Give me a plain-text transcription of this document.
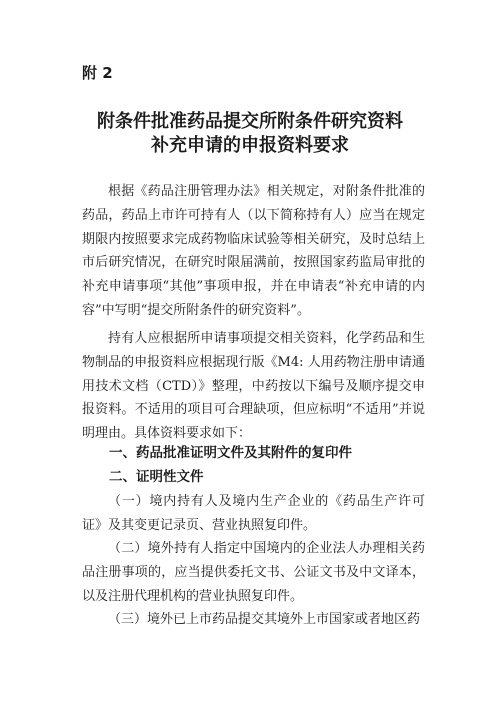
附 2
附条件批准药品提交所附条件研究资料
补充申请的申报资料要求

根据《药品注册管理办法》相关规定，对附条件批准的药品，药品上市许可持有人（以下简称持有人）应当在规定期限内按照要求完成药物临床试验等相关研究，及时总结上市后研究情况，在研究时限届满前，按照国家药监局审批的补充申请事项“其他”事项申报，并在申请表“补充申请的内容”中写明“提交所附条件的研究资料”。

持有人应根据所申请事项提交相关资料，化学药品和生物制品的申报资料应根据现行版《M4: 人用药物注册申请通用技术文档（CTD）》整理，中药按以下编号及顺序提交申报资料。不适用的项目可合理缺项，但应标明“不适用”并说明理由。具体资料要求如下：

一、药品批准证明文件及其附件的复印件

二、证明性文件

（一）境内持有人及境内生产企业的《药品生产许可证》及其变更记录页、营业执照复印件。

（二）境外持有人指定中国境内的企业法人办理相关药品注册事项的，应当提供委托文书、公证文书及中文译本，以及注册代理机构的营业执照复印件。

（三）境外已上市药品提交其境外上市国家或者地区药
